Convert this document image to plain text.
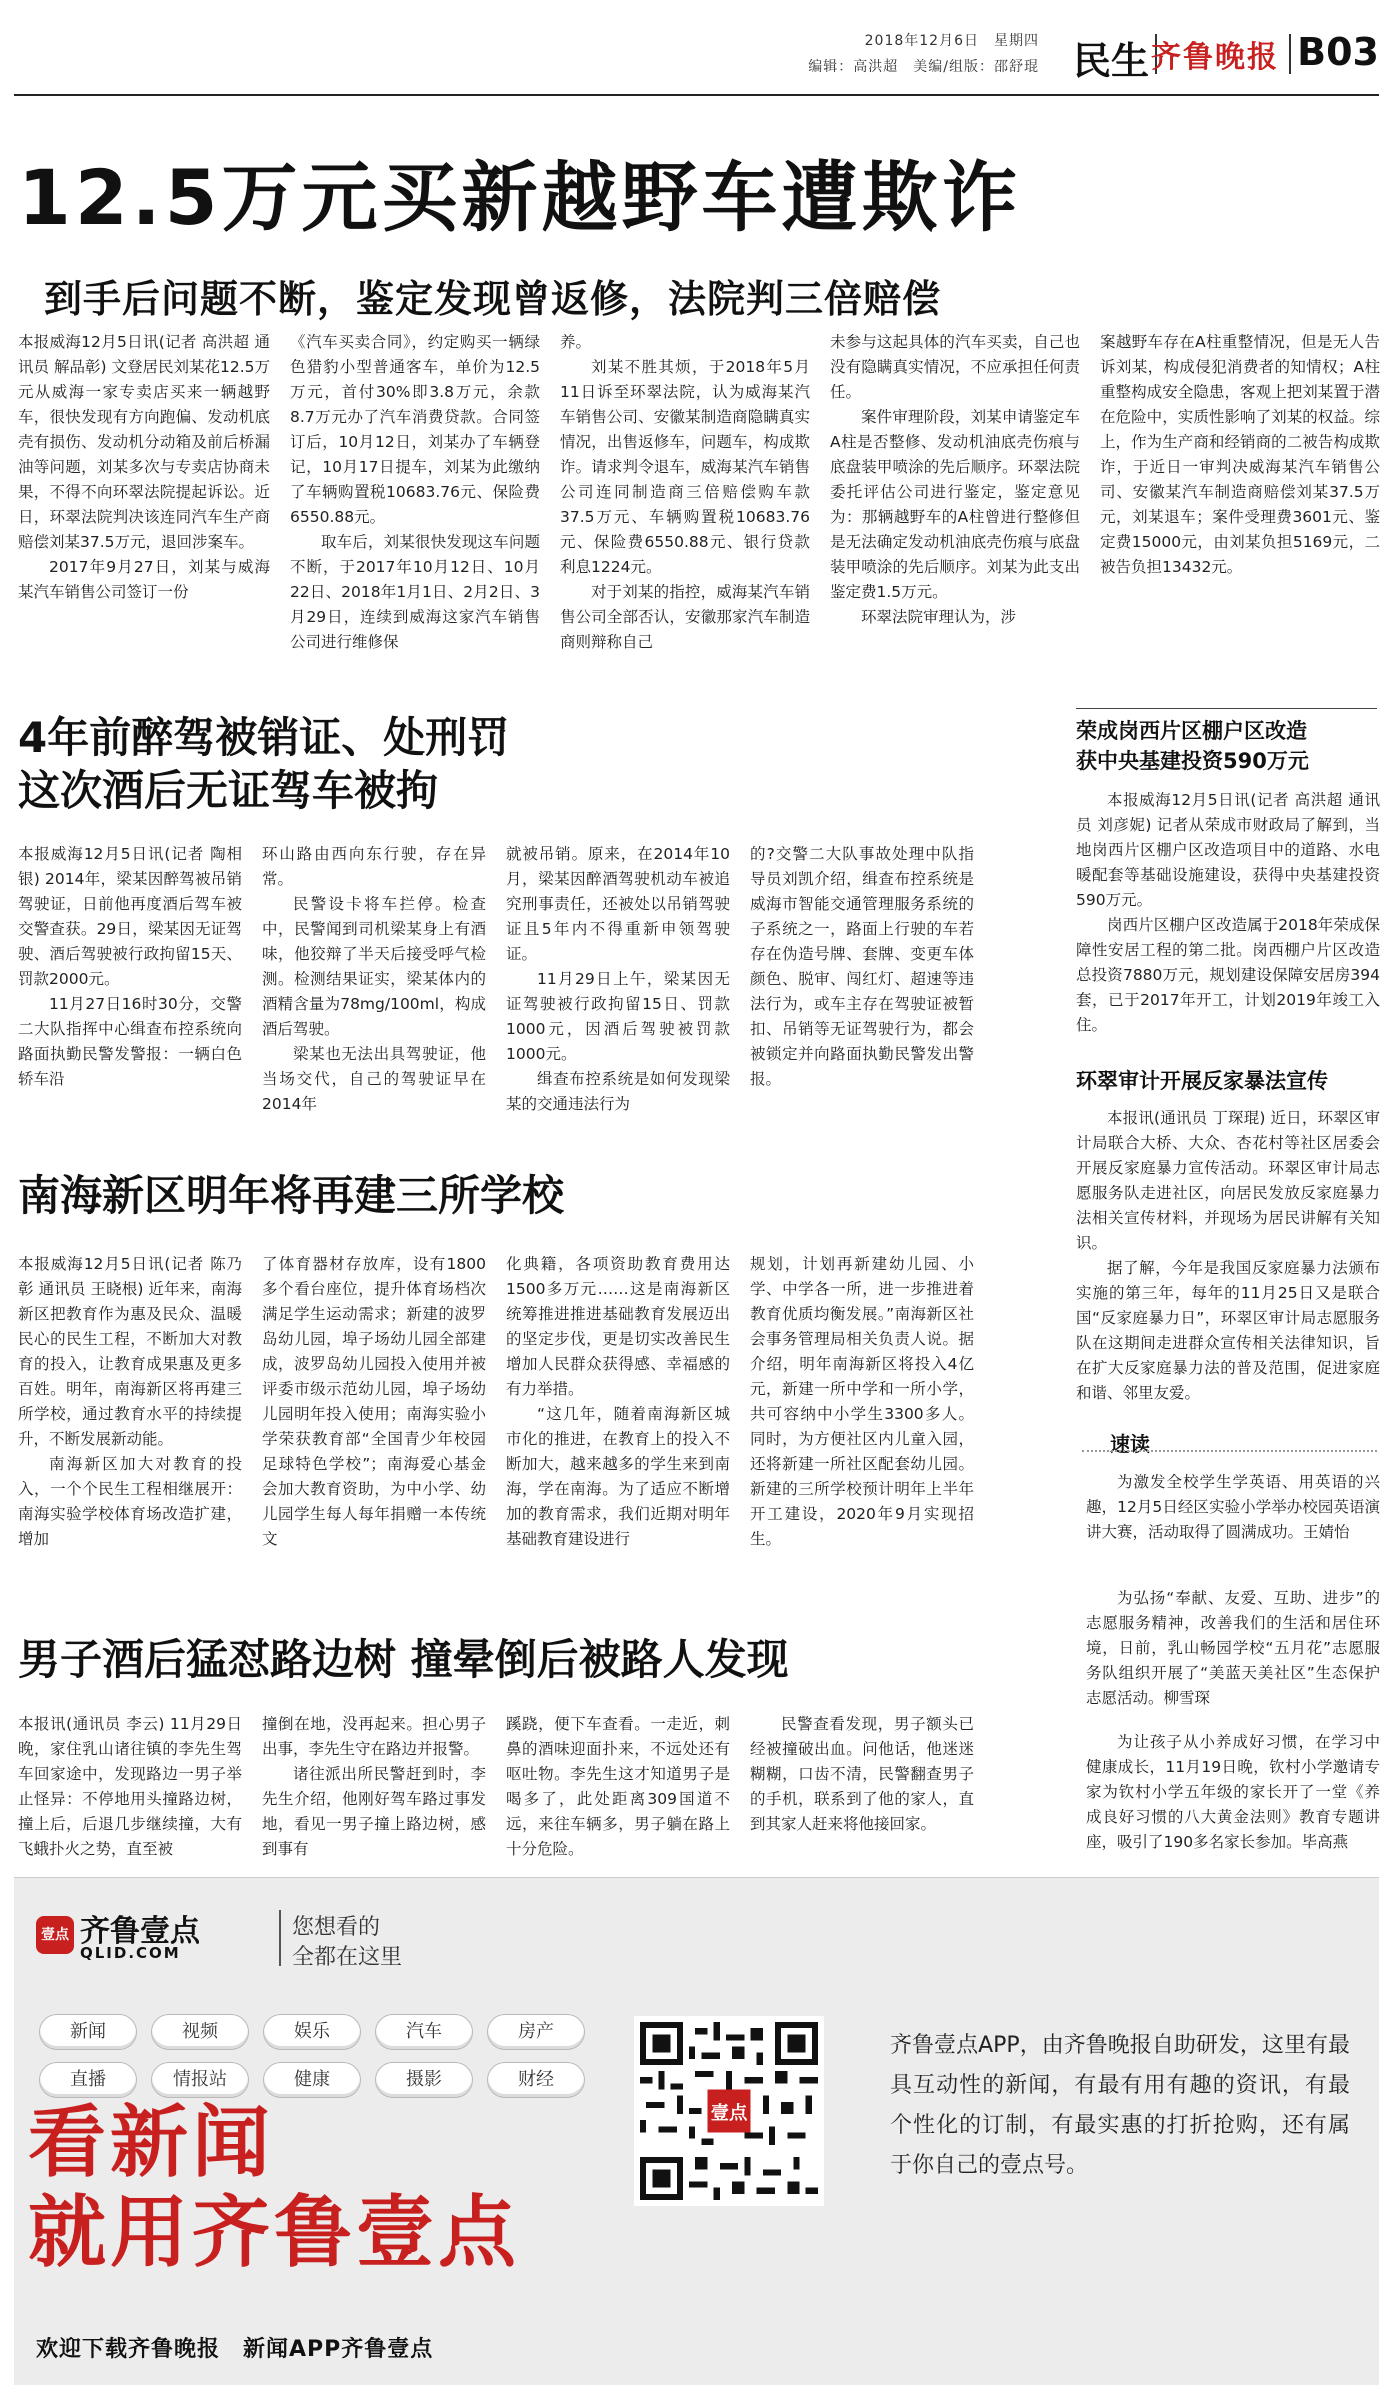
2018年12月6日　星期四
编辑：高洪超　美编/组版：邵舒琨 民生 齐鲁晚报 B03
12.5万元买新越野车遭欺诈
到手后问题不断，鉴定发现曾返修，法院判三倍赔偿

本报威海12月5日讯(记者 高洪超 通讯员 解品彰) 文登居民刘某花12.5万元从威海一家专卖店买来一辆越野车，很快发现有方向跑偏、发动机底壳有损伤、发动机分动箱及前后桥漏油等问题，刘某多次与专卖店协商未果，不得不向环翠法院提起诉讼。近日，环翠法院判决该连同汽车生产商赔偿刘某37.5万元，退回涉案车。

2017年9月27日，刘某与威海某汽车销售公司签订一份

《汽车买卖合同》，约定购买一辆绿色猎豹小型普通客车，单价为12.5万元，首付30%即3.8万元，余款8.7万元办了汽车消费贷款。合同签订后，10月12日，刘某办了车辆登记，10月17日提车，刘某为此缴纳了车辆购置税10683.76元、保险费6550.88元。

取车后，刘某很快发现这车问题不断，于2017年10月12日、10月22日、2018年1月1日、2月2日、3月29日，连续到威海这家汽车销售公司进行维修保

养。

刘某不胜其烦，于2018年5月11日诉至环翠法院，认为威海某汽车销售公司、安徽某制造商隐瞒真实情况，出售返修车，问题车，构成欺诈。请求判令退车，威海某汽车销售公司连同制造商三倍赔偿购车款37.5万元、车辆购置税10683.76元、保险费6550.88元、银行贷款利息1224元。

对于刘某的指控，威海某汽车销售公司全部否认，安徽那家汽车制造商则辩称自己

未参与这起具体的汽车买卖，自己也没有隐瞒真实情况，不应承担任何责任。

案件审理阶段，刘某申请鉴定车A柱是否整修、发动机油底壳伤痕与底盘装甲喷涂的先后顺序。环翠法院委托评估公司进行鉴定，鉴定意见为：那辆越野车的A柱曾进行整修但是无法确定发动机油底壳伤痕与底盘装甲喷涂的先后顺序。刘某为此支出鉴定费1.5万元。

环翠法院审理认为，涉

案越野车存在A柱重整情况，但是无人告诉刘某，构成侵犯消费者的知情权；A柱重整构成安全隐患，客观上把刘某置于潜在危险中，实质性影响了刘某的权益。综上，作为生产商和经销商的二被告构成欺诈，于近日一审判决威海某汽车销售公司、安徽某汽车制造商赔偿刘某37.5万元，刘某退车；案件受理费3601元、鉴定费15000元，由刘某负担5169元，二被告负担13432元。

4年前醉驾被销证、处刑罚
这次酒后无证驾车被拘

本报威海12月5日讯(记者 陶相银) 2014年，梁某因醉驾被吊销驾驶证，日前他再度酒后驾车被交警查获。29日，梁某因无证驾驶、酒后驾驶被行政拘留15天、罚款2000元。

11月27日16时30分，交警二大队指挥中心缉查布控系统向路面执勤民警发警报：一辆白色轿车沿

环山路由西向东行驶，存在异常。

民警设卡将车拦停。检查中，民警闻到司机梁某身上有酒味，他狡辩了半天后接受呼气检测。检测结果证实，梁某体内的酒精含量为78mg/100ml，构成酒后驾驶。

梁某也无法出具驾驶证，他当场交代，自己的驾驶证早在2014年

就被吊销。原来，在2014年10月，梁某因醉酒驾驶机动车被追究刑事责任，还被处以吊销驾驶证且5年内不得重新申领驾驶证。

11月29日上午，梁某因无证驾驶被行政拘留15日、罚款1000元，因酒后驾驶被罚款1000元。

缉查布控系统是如何发现梁某的交通违法行为

的?交警二大队事故处理中队指导员刘凯介绍，缉查布控系统是威海市智能交通管理服务系统的子系统之一，路面上行驶的车若存在伪造号牌、套牌、变更车体颜色、脱审、闯红灯、超速等违法行为，或车主存在驾驶证被暂扣、吊销等无证驾驶行为，都会被锁定并向路面执勤民警发出警报。

南海新区明年将再建三所学校

本报威海12月5日讯(记者 陈乃彰 通讯员 王晓根) 近年来，南海新区把教育作为惠及民众、温暖民心的民生工程，不断加大对教育的投入，让教育成果惠及更多百姓。明年，南海新区将再建三所学校，通过教育水平的持续提升，不断发展新动能。

南海新区加大对教育的投入，一个个民生工程相继展开：南海实验学校体育场改造扩建，增加

了体育器材存放库，设有1800多个看台座位，提升体育场档次满足学生运动需求；新建的波罗岛幼儿园，埠子场幼儿园全部建成，波罗岛幼儿园投入使用并被评委市级示范幼儿园，埠子场幼儿园明年投入使用；南海实验小学荣获教育部“全国青少年校园足球特色学校”；南海爱心基金会加大教育资助，为中小学、幼儿园学生每人每年捐赠一本传统文

化典籍，各项资助教育费用达1500多万元……这是南海新区统筹推进推进基础教育发展迈出的坚定步伐，更是切实改善民生增加人民群众获得感、幸福感的有力举措。

“这几年，随着南海新区城市化的推进，在教育上的投入不断加大，越来越多的学生来到南海，学在南海。为了适应不断增加的教育需求，我们近期对明年基础教育建设进行

规划，计划再新建幼儿园、小学、中学各一所，进一步推进着教育优质均衡发展。”南海新区社会事务管理局相关负责人说。据介绍，明年南海新区将投入4亿元，新建一所中学和一所小学，共可容纳中小学生3300多人。同时，为方便社区内儿童入园，还将新建一所社区配套幼儿园。新建的三所学校预计明年上半年开工建设，2020年9月实现招生。

男子酒后猛怼路边树 撞晕倒后被路人发现

本报讯(通讯员 李云) 11月29日晚，家住乳山诸往镇的李先生驾车回家途中，发现路边一男子举止怪异：不停地用头撞路边树，撞上后，后退几步继续撞，大有飞蛾扑火之势，直至被

撞倒在地，没再起来。担心男子出事，李先生守在路边并报警。

诸往派出所民警赶到时，李先生介绍，他刚好驾车路过事发地，看见一男子撞上路边树，感到事有

蹊跷，便下车查看。一走近，刺鼻的酒味迎面扑来，不远处还有呕吐物。李先生这才知道男子是喝多了，此处距离309国道不远，来往车辆多，男子躺在路上十分危险。

民警查看发现，男子额头已经被撞破出血。问他话，他迷迷糊糊，口齿不清，民警翻查男子的手机，联系到了他的家人，直到其家人赶来将他接回家。

荣成岗西片区棚户区改造
获中央基建投资590万元

本报威海12月5日讯(记者 高洪超 通讯员 刘彦妮) 记者从荣成市财政局了解到，当地岗西片区棚户区改造项目中的道路、水电暖配套等基础设施建设，获得中央基建投资590万元。

岗西片区棚户区改造属于2018年荣成保障性安居工程的第二批。岗西棚户片区改造总投资7880万元，规划建设保障安居房394套，已于2017年开工，计划2019年竣工入住。

环翠审计开展反家暴法宣传

本报讯(通讯员 丁琛琨) 近日，环翠区审计局联合大桥、大众、杏花村等社区居委会开展反家庭暴力宣传活动。环翠区审计局志愿服务队走进社区，向居民发放反家庭暴力法相关宣传材料，并现场为居民讲解有关知识。

据了解，今年是我国反家庭暴力法颁布实施的第三年，每年的11月25日又是联合国“反家庭暴力日”，环翠区审计局志愿服务队在这期间走进群众宣传相关法律知识，旨在扩大反家庭暴力法的普及范围，促进家庭和谐、邻里友爱。

速读
为激发全校学生学英语、用英语的兴趣，12月5日经区实验小学举办校园英语演讲大赛，活动取得了圆满成功。王婧怡
为弘扬“奉献、友爱、互助、进步”的志愿服务精神，改善我们的生活和居住环境，日前，乳山畅园学校“五月花”志愿服务队组织开展了“美蓝天美社区”生态保护志愿活动。柳雪琛
为让孩子从小养成好习惯，在学习中健康成长，11月19日晚，钦村小学邀请专家为钦村小学五年级的家长开了一堂《养成良好习惯的八大黄金法则》教育专题讲座，吸引了190多名家长参加。毕高燕
壹点 齐鲁壹点
QLID.COM
您想看的
全都在这里
新闻	视频	娱乐	汽车	房产
直播	情报站	健康	摄影	财经
看新闻
就用齐鲁壹点
欢迎下载齐鲁晚报　新闻APP齐鲁壹点
壹点
齐鲁壹点APP，由齐鲁晚报自助研发，这里有最具互动性的新闻，有最有用有趣的资讯，有最个性化的订制，有最实惠的打折抢购，还有属于你自己的壹点号。
